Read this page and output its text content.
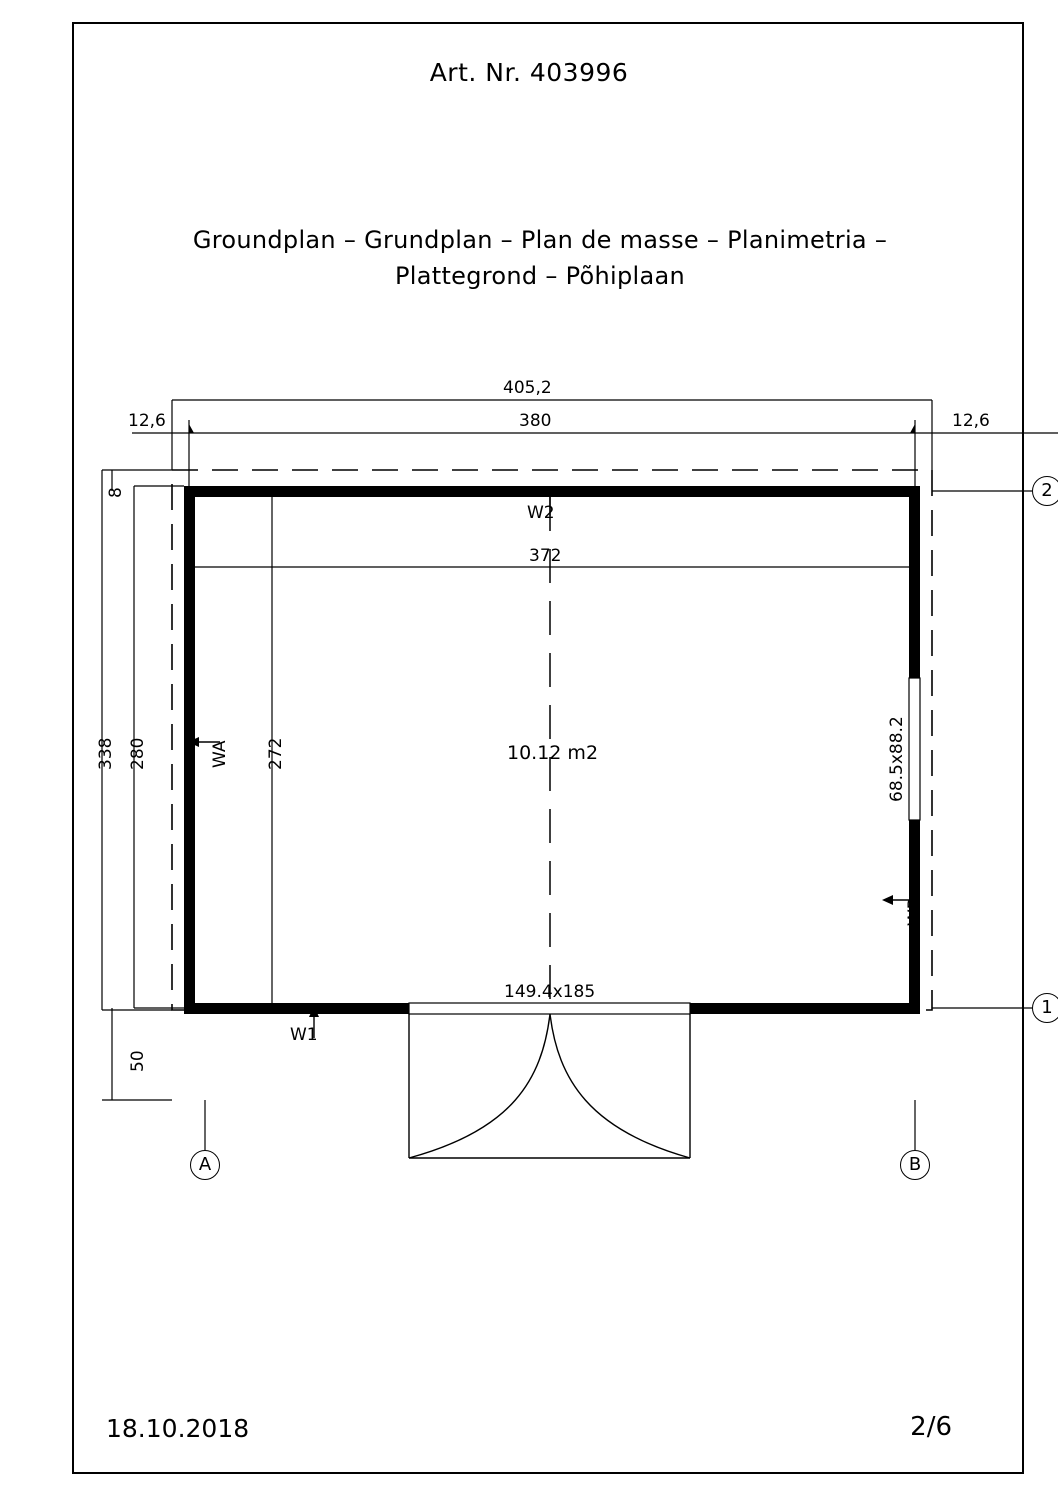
Art. Nr. 403996
Groundplan – Grundplan – Plan de masse – Planimetria –
Plattegrond – Põhiplaan
405,2
380
12,6	12,6
338 280
8
50
372
272	10.12 m2	68.5x88.2
149.4x185
W2
W1
WA
WB
2
1
A	B
18.10.2018	2/6
